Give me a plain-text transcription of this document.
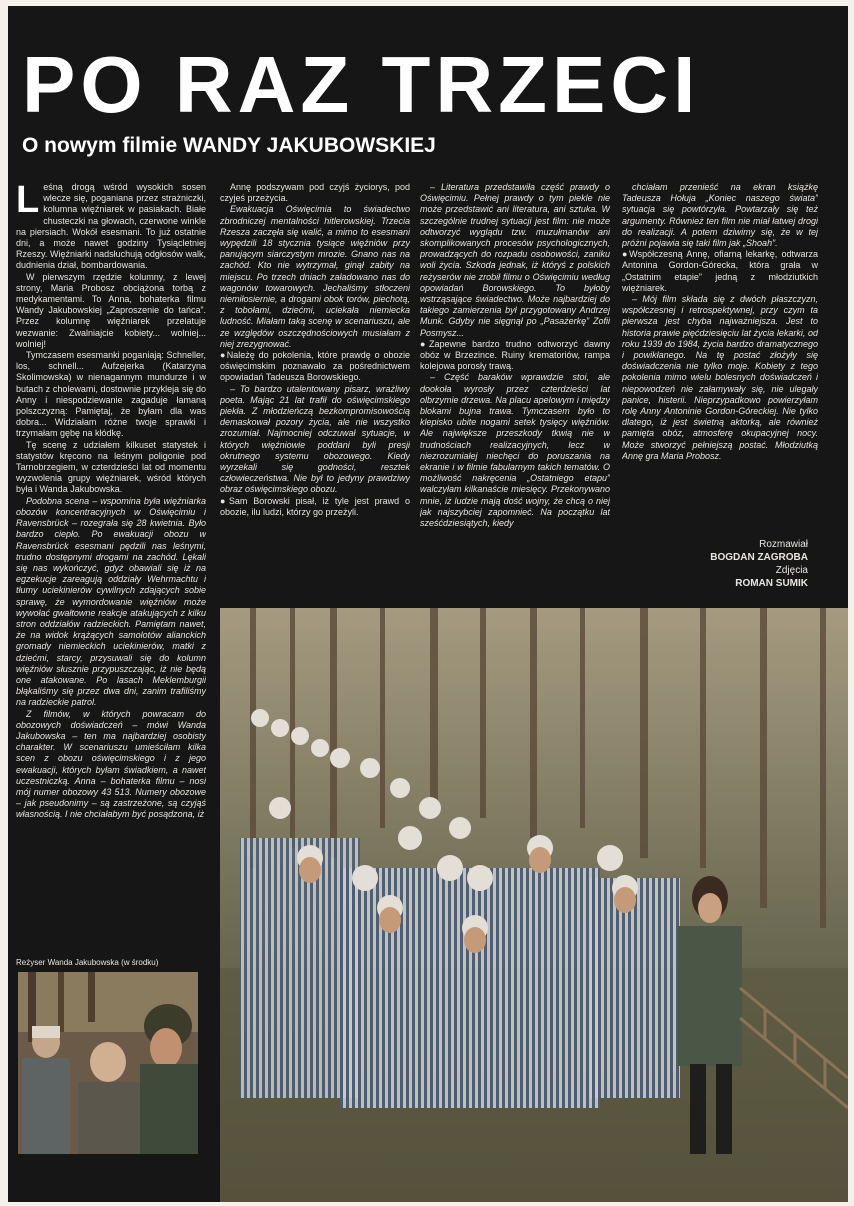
PO RAZ TRZECI
O nowym filmie WANDY JAKUBOWSKIEJ

Leśną drogą wśród wysokich sosen wlecze się, poganiana przez strażniczki, kolumna więźniarek w pasiakach. Białe chusteczki na głowach, czerwone winkle na piersiach. Wokół esesmani. To już ostatnie dni, a może nawet godziny Tysiącletniej Rzeszy. Więźniarki nadsłuchują odgłosów walk, dudnienia dział, bombardowania.

W pierwszym rzędzie kolumny, z lewej strony, Maria Probosz obciążona torbą z medykamentami. To Anna, bohaterka filmu Wandy Jakubowskiej „Zaproszenie do tańca”. Przez kolumnę więźniarek przelatuje wezwanie: Zwalniajcie kobiety... wolniej... wolniej!

Tymczasem esesmanki poganiają: Schneller, los, schnell... Aufzejerka (Katarzyna Skolimowska) w nienagannym mundurze i w butach z cholewami, dostownie przykleja się do Anny i niespodziewanie zagaduje łamaną polszczyzną: Pamiętaj, że byłam dla was dobra... Widziałam różne twoje sprawki i trzymałam gębę na kłódkę.

Tę scenę z udziałem kilkuset statystek i statystów kręcono na leśnym poligonie pod Tarnobrzegiem, w czterdzieści lat od momentu wyzwolenia grupy więźniarek, wśród których była i Wanda Jakubowska.

Podobna scena – wspomina była więźniarka obozów koncentracyjnych w Oświęcimiu i Ravensbrück – rozegrała się 28 kwietnia. Było bardzo ciepło. Po ewakuacji obozu w Ravensbrück esesmani pędzili nas leśnymi, trudno dostępnymi drogami na zachód. Lękali się nas wykończyć, gdyż obawiali się iż na egzekucje zareagują oddziały Wehrmachtu i tłumy uciekinierów cywilnych zdających sobie sprawę, że wymordowanie więźniów może wywołać gwałtowne reakcje atakujących z kilku stron oddziałów radzieckich. Pamiętam nawet, że na widok krążących samolotów alianckich gromady niemieckich uciekinierów, matki z dziećmi, starcy, przysuwali się do kolumn więźniów słusznie przypuszczając, iż nie będą one atakowane. Po lasach Meklemburgii błąkaliśmy się przez dwa dni, zanim trafiliśmy na radzieckie patrol.

Z filmów, w których powracam do obozowych doświadczeń – mówi Wanda Jakubowska – ten ma najbardziej osobisty charakter. W scenariuszu umieściłam kilka scen z obozu oświęcimskiego i z jego ewakuacji, których byłam świadkiem, a nawet uczestniczką. Anna – bohaterka filmu – nosi mój numer obozowy 43 513. Numery obozowe – jak pseudonimy – są zastrzeżone, są czyjąś własnością. I nie chciałabym być posądzona, iż

Annę podszywam pod czyjś życiorys, pod czyjeś przeżycia.

Ewakuacja Oświęcimia to świadectwo zbrodniczej mentalności hitlerowskiej. Trzecia Rzesza zaczęła się walić, a mimo to esesmani wypędzili 18 stycznia tysiące więźniów przy panującym siarczystym mrozie. Gnano nas na zachód. Kto nie wytrzymał, ginął zabity na miejscu. Po trzech dniach załadowano nas do wagonów towarowych. Jechaliśmy stłoczeni niemiłosiernie, a drogami obok torów, piechotą, z tobołami, dziećmi, uciekała niemiecka ludność. Miałam taką scenę w scenariuszu, ale ze względów oszczędnościowych musiałam z niej zrezygnować.

● Należę do pokolenia, które prawdę o obozie oświęcimskim poznawało za pośrednictwem opowiadań Tadeusza Borowskiego.

– To bardzo utalentowany pisarz, wrażliwy poeta. Mając 21 lat trafił do oświęcimskiego piekła. Z młodzieńczą bezkompromisowością demaskował pozory życia, ale nie wszystko zrozumiał. Najmocniej odczuwał sytuacje, w których więźniowie poddani byli presji okrutnego systemu obozowego. Kiedy wyrzekali się godności, resztek człowieczeństwa. Nie był to jedyny prawdziwy obraz oświęcimskiego obozu.

● Sam Borowski pisał, iż tyle jest prawd o obozie, ilu ludzi, którzy go przeżyli.

– Literatura przedstawiła część prawdy o Oświęcimiu. Pełnej prawdy o tym piekle nie może przedstawić ani literatura, ani sztuka. W szczególnie trudnej sytuacji jest film: nie może odtworzyć wyglądu tzw. muzułmanów ani skomplikowanych procesów psychologicznych, prowadzących do rozpadu osobowości, zaniku woli życia. Szkoda jednak, iż któryś z polskich reżyserów nie zrobił filmu o Oświęcimiu według opowiadań Borowskiego. To byłoby wstrząsające świadectwo. Może najbardziej do takiego zamierzenia był przygotowany Andrzej Munk. Gdyby nie sięgnął po „Pasażerkę” Zofii Posmysz...

● Zapewne bardzo trudno odtworzyć dawny obóz w Brzezince. Ruiny krematoriów, rampa kolejowa porosły trawą.

– Część baraków wprawdzie stoi, ale dookoła wyrosły przez czterdzieści lat olbrzymie drzewa. Na placu apelowym i między blokami bujna trawa. Tymczasem było to klepisko ubite nogami setek tysięcy więźniów. Ale największe przeszkody tkwią nie w trudnościach realizacyjnych, lecz w niezrozumiałej niechęci do poruszania na ekranie i w filmie fabularnym takich tematów. O możliwość nakręcenia „Ostatniego etapu” walczyłam kilkanaście miesięcy. Przekonywano mnie, iż ludzie mają dość wojny, że chcą o niej jak najszybciej zapomnieć. Na początku lat sześćdziesiątych, kiedy

chciałam przenieść na ekran książkę Tadeusza Hołuja „Koniec naszego świata” sytuacja się powtórzyła. Powtarzały się też argumenty. Również ten film nie miał łatwej drogi do realizacji. A potem dziwimy się, że w tej próżni pojawia się taki film jak „Shoah”.

● Współczesną Annę, ofiarną lekarkę, odtwarza Antonina Gordon-Górecka, która grała w „Ostatnim etapie” jedną z młodziutkich więźniarek.

– Mój film składa się z dwóch płaszczyzn, współczesnej i retrospektywnej, przy czym ta pierwsza jest chyba najważniejsza. Jest to historia prawie pięćdziesięciu lat życia lekarki, od roku 1939 do 1984, życia bardzo dramatycznego i powikłanego. Na tę postać złożyły się doświadczenia nie tylko moje. Kobiety z tego pokolenia mimo wielu bolesnych doświadczeń i niepowodzeń nie załamywały się, nie ulegały panice, histerii. Nieprzypadkowo powierzyłam rolę Anny Antoninie Gordon-Góreckiej. Nie tylko dlatego, iż jest świetną aktorką, ale również pamięta obóz, atmosferę okupacyjnej nocy. Może stworzyć pełniejszą postać. Młodziutką Annę gra Maria Probosz.

Rozmawiał
BOGDAN ZAGROBA
Zdjęcia
ROMAN SUMIK
Reżyser Wanda Jakubowska (w środku)
